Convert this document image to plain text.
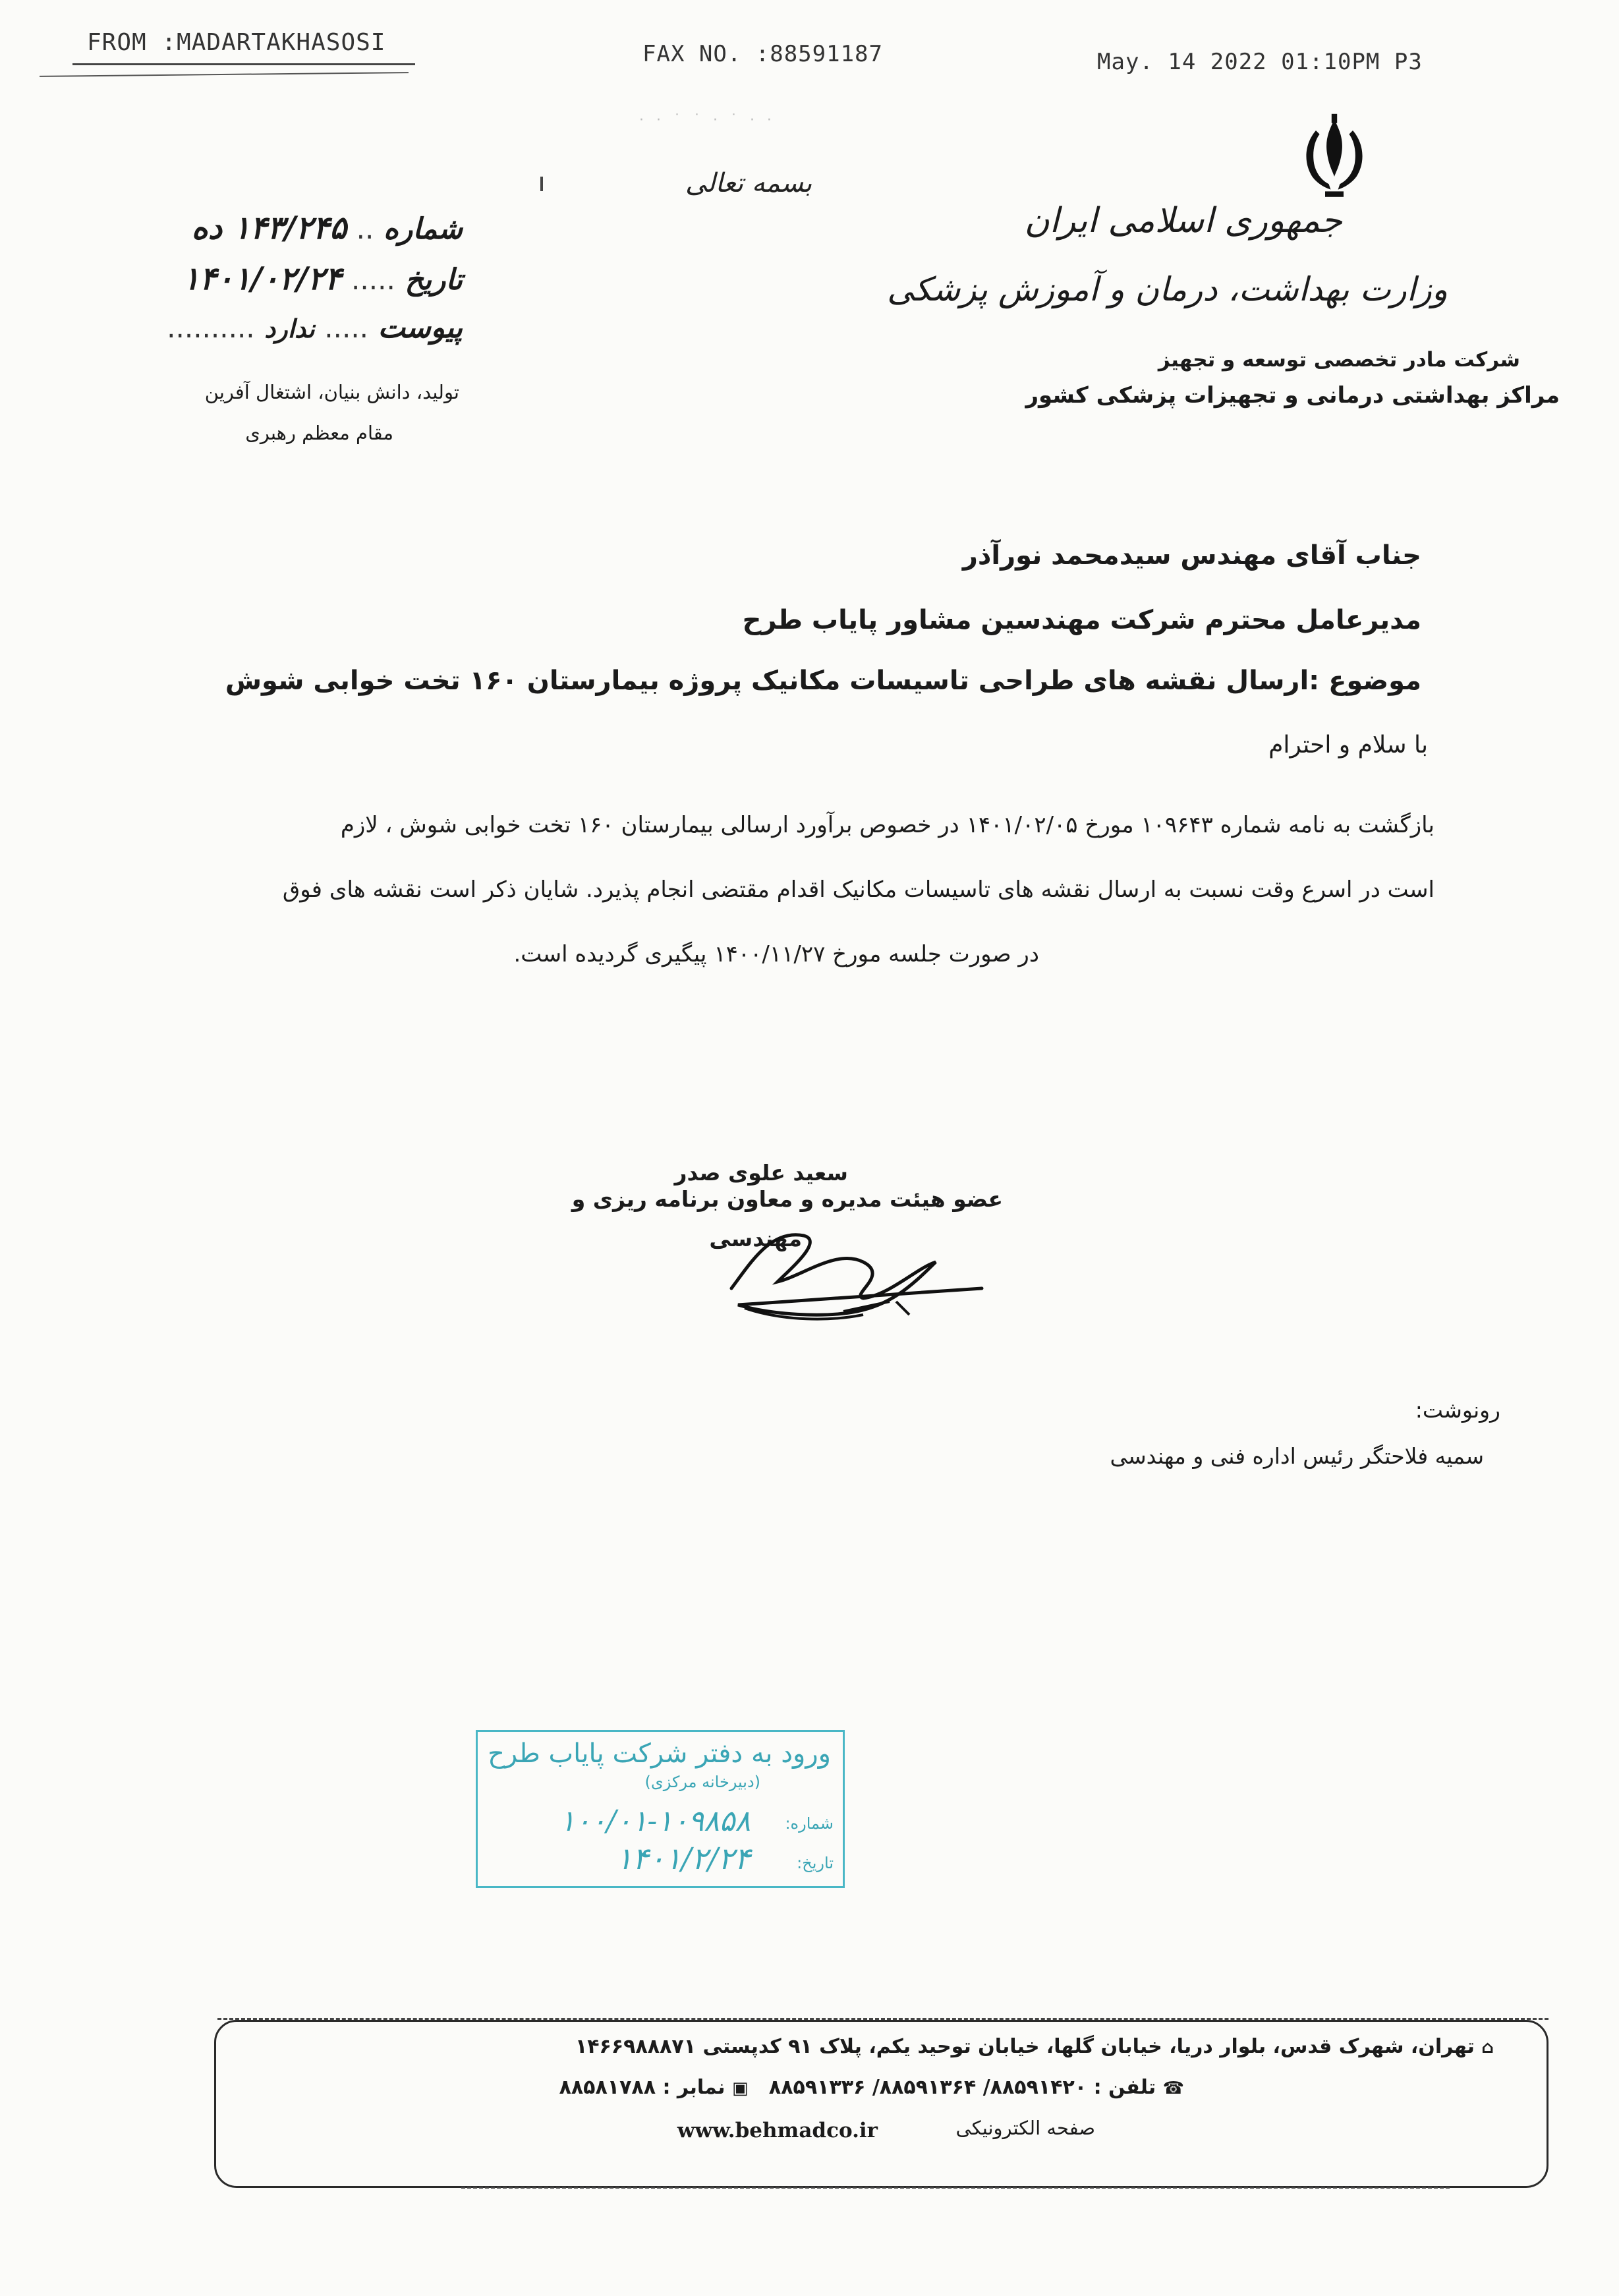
FROM :MADARTAKHASOSI	FAX NO. :88591187	May. 14 2022 01:10PM P3
· · ˙ ˙ · ˙ · ·
بسمه تعالی
جمهوری اسلامی ایران
وزارت بهداشت، درمان و آموزش پزشکی
شرکت مادر تخصصی توسعه و تجهیز
مراکز بهداشتی درمانی و تجهیزات پزشکی کشور
شماره .. ۱۴۳/۲۴۵ ده
تاریخ ..... ۱۴۰۱/۰۲/۲۴
پیوست ..... ندارد ..........
تولید، دانش بنیان، اشتغال آفرین
مقام معظم رهبری
جناب آقای مهندس سیدمحمد نورآذر
مدیرعامل محترم شرکت مهندسین مشاور پایاب طرح
موضوع :ارسال نقشه های طراحی تاسیسات مکانیک پروژه بیمارستان ۱۶۰ تخت خوابی شوش
با سلام و احترام
بازگشت به نامه شماره ۱۰۹۶۴۳ مورخ ۱۴۰۱/۰۲/۰۵ در خصوص برآورد ارسالی بیمارستان ۱۶۰ تخت خوابی شوش ، لازم
است در اسرع وقت نسبت به ارسال نقشه های تاسیسات مکانیک اقدام مقتضی انجام پذیرد. شایان ذکر است نقشه های فوق
در صورت جلسه مورخ ۱۴۰۰/۱۱/۲۷ پیگیری گردیده است.
سعید علوی صدر
عضو هیئت مدیره و معاون برنامه ریزی و
مهندسی
رونوشت:
سمیه فلاحتگر رئیس اداره فنی و مهندسی
ورود به دفتر شرکت پایاب طرح
(دبیرخانه مرکزی)
شماره:
۱۰۰/۰۱-۱۰۹۸۵۸
تاریخ:
۱۴۰۱/۲/۲۴
⌂ تهران، شهرک قدس، بلوار دریا، خیابان گلها، خیابان توحید یکم، پلاک ۹۱ کدپستی ۱۴۶۶۹۸۸۸۷۱
☎ تلفن : ۸۸۵۹۱۴۲۰/ ۸۸۵۹۱۳۶۴/ ۸۸۵۹۱۳۳۶   ▣ نمابر : ۸۸۵۸۱۷۸۸
صفحه الکترونیکی
www.behmadco.ir
